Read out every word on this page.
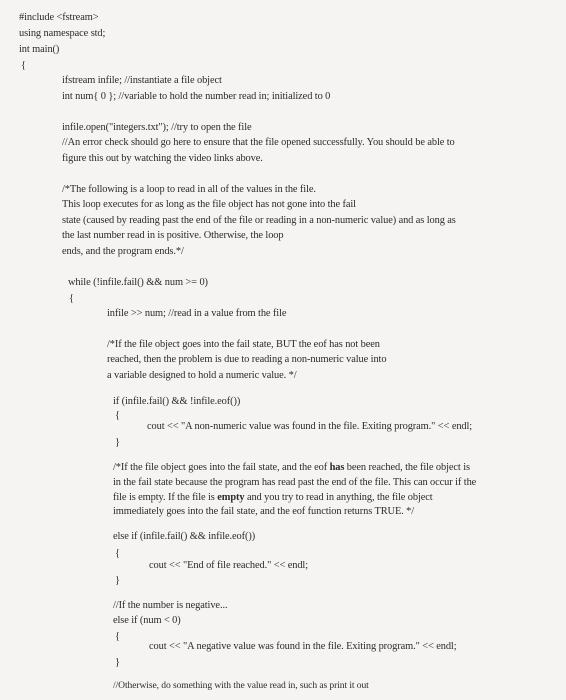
#include <fstream>
using namespace std;
int main()
{
ifstream infile; //instantiate a file object
int num{ 0 }; //variable to hold the number read in; initialized to 0
infile.open("integers.txt"); //try to open the file
//An error check should go here to ensure that the file opened successfully. You should be able to
figure this out by watching the video links above.
/*The following is a loop to read in all of the values in the file.
This loop executes for as long as the file object has not gone into the fail
state (caused by reading past the end of the file or reading in a non-numeric value) and as long as
the last number read in is positive. Otherwise, the loop
ends, and the program ends.*/
while (!infile.fail() && num >= 0)
{
infile >> num; //read in a value from the file
/*If the file object goes into the fail state, BUT the eof has not been
reached, then the problem is due to reading a non-numeric value into
a variable designed to hold a numeric value. */
if (infile.fail() && !infile.eof())
{
cout << "A non-numeric value was found in the file. Exiting program." << endl;
}
/*If the file object goes into the fail state, and the eof has been reached, the file object is
in the fail state because the program has read past the end of the file. This can occur if the
file is empty. If the file is empty and you try to read in anything, the file object
immediately goes into the fail state, and the eof function returns TRUE. */
else if (infile.fail() && infile.eof())
{
cout << "End of file reached." << endl;
}
//If the number is negative...
else if (num < 0)
{
cout << "A negative value was found in the file. Exiting program." << endl;
}
//Otherwise, do something with the value read in, such as print it out
